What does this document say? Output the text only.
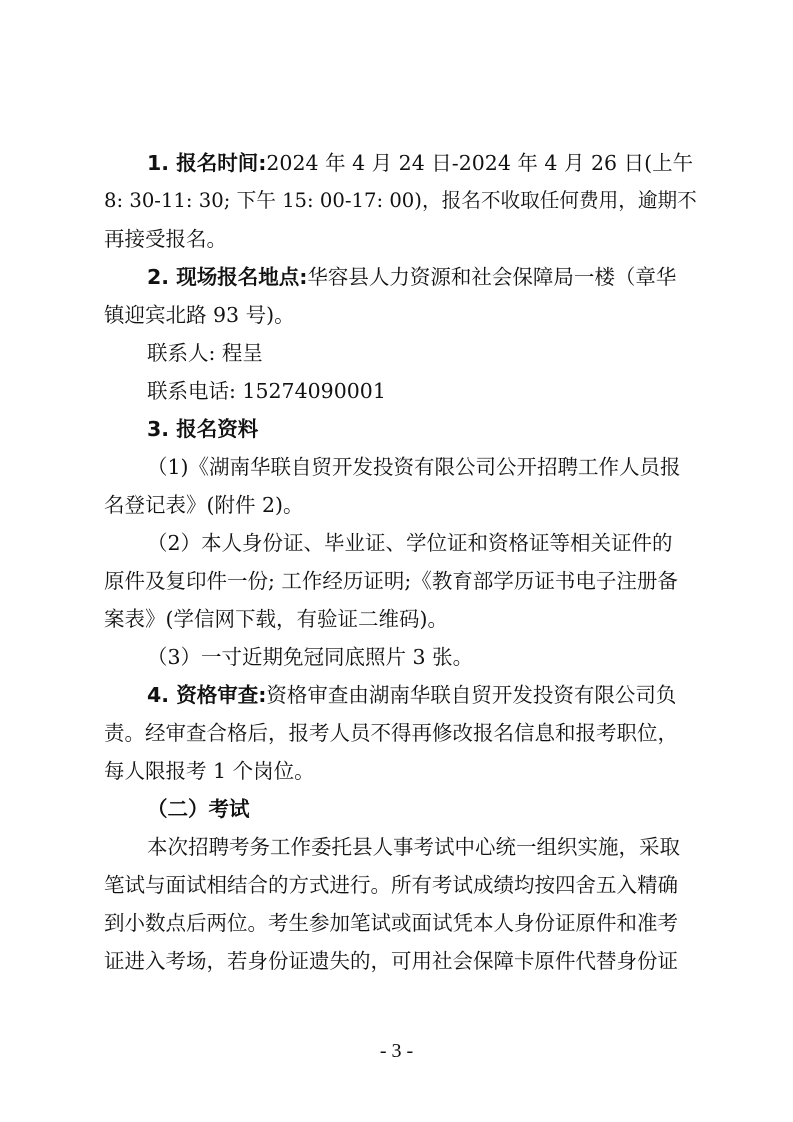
1. 报名时间:2024 年 4 月 24 日-2024 年 4 月 26 日(上午
8: 30-11: 30; 下午 15: 00-17: 00)，报名不收取任何费用，逾期不
再接受报名。
2. 现场报名地点:华容县人力资源和社会保障局一楼（章华
镇迎宾北路 93 号)。
联系人: 程呈
联系电话: 15274090001
3. 报名资料
（1)《湖南华联自贸开发投资有限公司公开招聘工作人员报
名登记表》(附件 2)。
（2）本人身份证、毕业证、学位证和资格证等相关证件的
原件及复印件一份; 工作经历证明;《教育部学历证书电子注册备
案表》(学信网下载，有验证二维码)。
（3）一寸近期免冠同底照片 3 张。
4. 资格审查:资格审查由湖南华联自贸开发投资有限公司负
责。经审查合格后，报考人员不得再修改报名信息和报考职位，
每人限报考 1 个岗位。
（二）考试
本次招聘考务工作委托县人事考试中心统一组织实施，采取
笔试与面试相结合的方式进行。所有考试成绩均按四舍五入精确
到小数点后两位。考生参加笔试或面试凭本人身份证原件和准考
证进入考场，若身份证遗失的，可用社会保障卡原件代替身份证
- 3 -
